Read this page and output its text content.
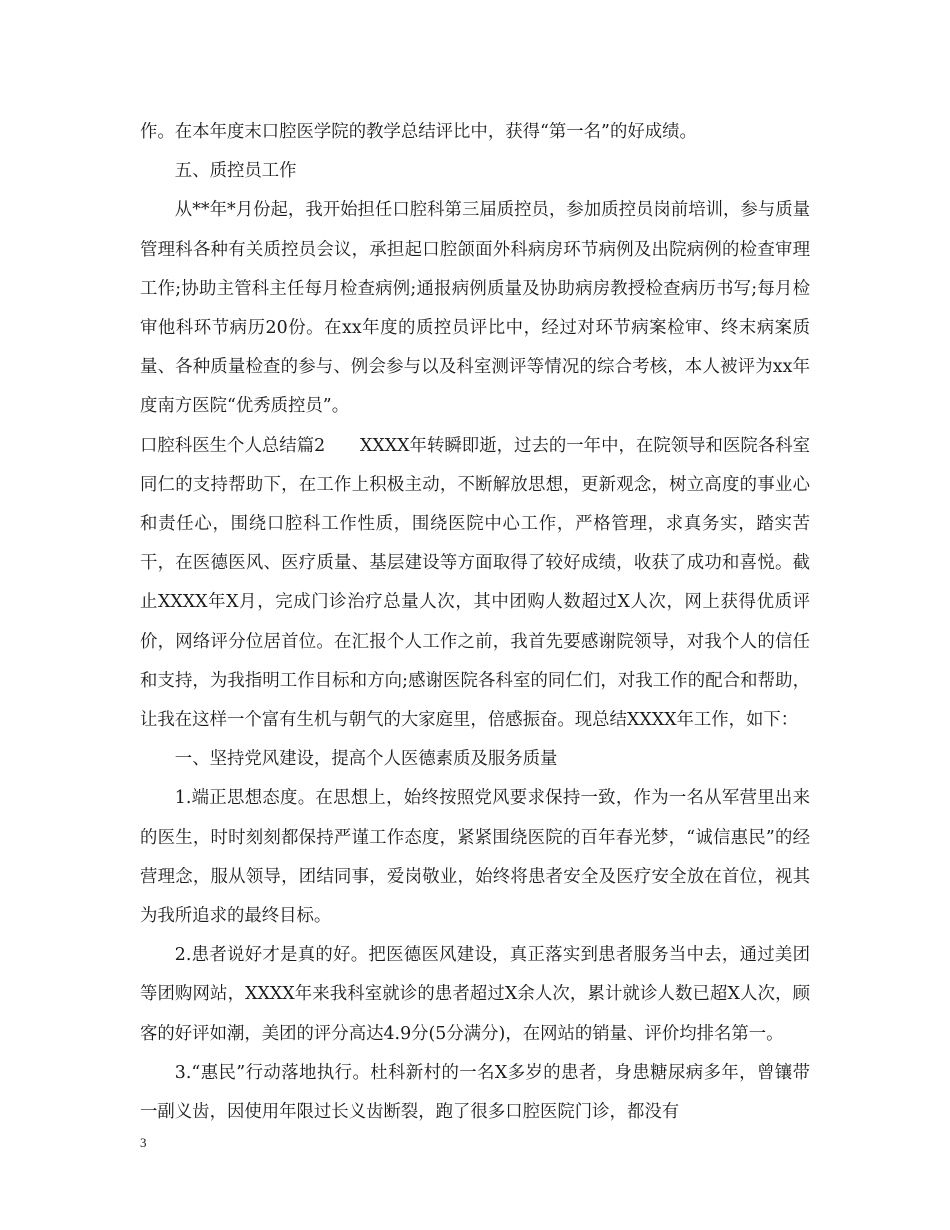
作。在本年度末口腔医学院的教学总结评比中，获得“第一名”的好成绩。

五、质控员工作

从**年*月份起，我开始担任口腔科第三届质控员，参加质控员岗前培训，参与质量管理科各种有关质控员会议，承担起口腔颌面外科病房环节病例及出院病例的检查审理工作;协助主管科主任每月检查病例;通报病例质量及协助病房教授检查病历书写;每月检审他科环节病历20份。在xx年度的质控员评比中，经过对环节病案检审、终末病案质量、各种质量检查的参与、例会参与以及科室测评等情况的综合考核，本人被评为xx年度南方医院“优秀质控员”。

口腔科医生个人总结篇2　　XXXX年转瞬即逝，过去的一年中，在院领导和医院各科室同仁的支持帮助下，在工作上积极主动，不断解放思想，更新观念，树立高度的事业心和责任心，围绕口腔科工作性质，围绕医院中心工作，严格管理，求真务实，踏实苦干，在医德医风、医疗质量、基层建设等方面取得了较好成绩，收获了成功和喜悦。截止XXXX年X月，完成门诊治疗总量人次，其中团购人数超过X人次，网上获得优质评价，网络评分位居首位。在汇报个人工作之前，我首先要感谢院领导，对我个人的信任和支持，为我指明工作目标和方向;感谢医院各科室的同仁们，对我工作的配合和帮助，让我在这样一个富有生机与朝气的大家庭里，倍感振奋。现总结XXXX年工作，如下：

一、坚持党风建设，提高个人医德素质及服务质量

1.端正思想态度。在思想上，始终按照党风要求保持一致，作为一名从军营里出来的医生，时时刻刻都保持严谨工作态度，紧紧围绕医院的百年春光梦，“诚信惠民”的经营理念，服从领导，团结同事，爱岗敬业，始终将患者安全及医疗安全放在首位，视其为我所追求的最终目标。

2.患者说好才是真的好。把医德医风建设，真正落实到患者服务当中去，通过美团等团购网站，XXXX年来我科室就诊的患者超过X余人次，累计就诊人数已超X人次，顾客的好评如潮，美团的评分高达4.9分(5分满分)，在网站的销量、评价均排名第一。

3.“惠民”行动落地执行。杜科新村的一名X多岁的患者，身患糖尿病多年，曾镶带一副义齿，因使用年限过长义齿断裂，跑了很多口腔医院门诊，都没有

3
